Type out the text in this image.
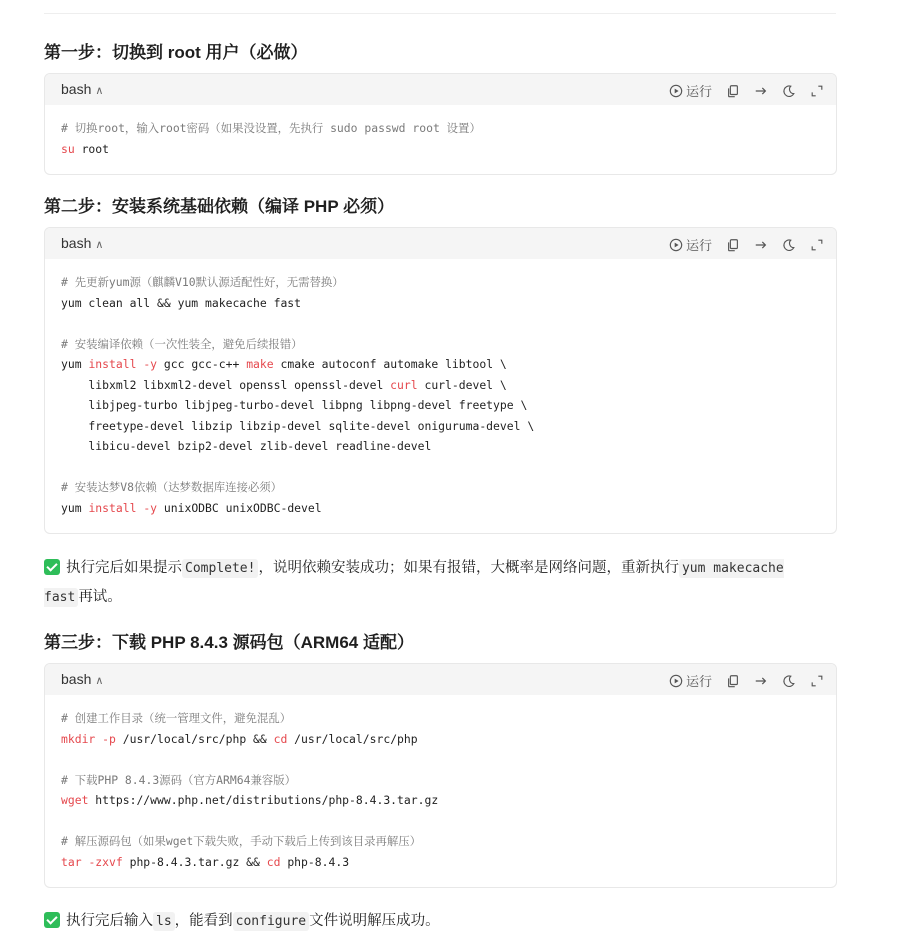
第一步：切换到 root 用户（必做）
bash ∧	运行
# 切换root，输入root密码（如果没设置，先执行 sudo passwd root 设置）
su root
第二步：安装系统基础依赖（编译 PHP 必须）
bash ∧	运行
# 先更新yum源（麒麟V10默认源适配性好，无需替换）
yum clean all && yum makecache fast
# 安装编译依赖（一次性装全，避免后续报错）
yum install -y gcc gcc-c++ make cmake autoconf automake libtool \
libxml2 libxml2-devel openssl openssl-devel curl curl-devel \
libjpeg-turbo libjpeg-turbo-devel libpng libpng-devel freetype \
freetype-devel libzip libzip-devel sqlite-devel oniguruma-devel \
libicu-devel bzip2-devel zlib-devel readline-devel
# 安装达梦V8依赖（达梦数据库连接必须）
yum install -y unixODBC unixODBC-devel
执行完后如果提示 Complete! ，说明依赖安装成功；如果有报错，大概率是网络问题，重新执行 yum makecache fast 再试。
第三步：下载 PHP 8.4.3 源码包（ARM64 适配）
bash ∧	运行
# 创建工作目录（统一管理文件，避免混乱）
mkdir -p /usr/local/src/php && cd /usr/local/src/php
# 下载PHP 8.4.3源码（官方ARM64兼容版）
wget https://www.php.net/distributions/php-8.4.3.tar.gz
# 解压源码包（如果wget下载失败，手动下载后上传到该目录再解压）
tar -zxvf php-8.4.3.tar.gz && cd php-8.4.3
执行完后输入 ls ，能看到 configure 文件说明解压成功。
